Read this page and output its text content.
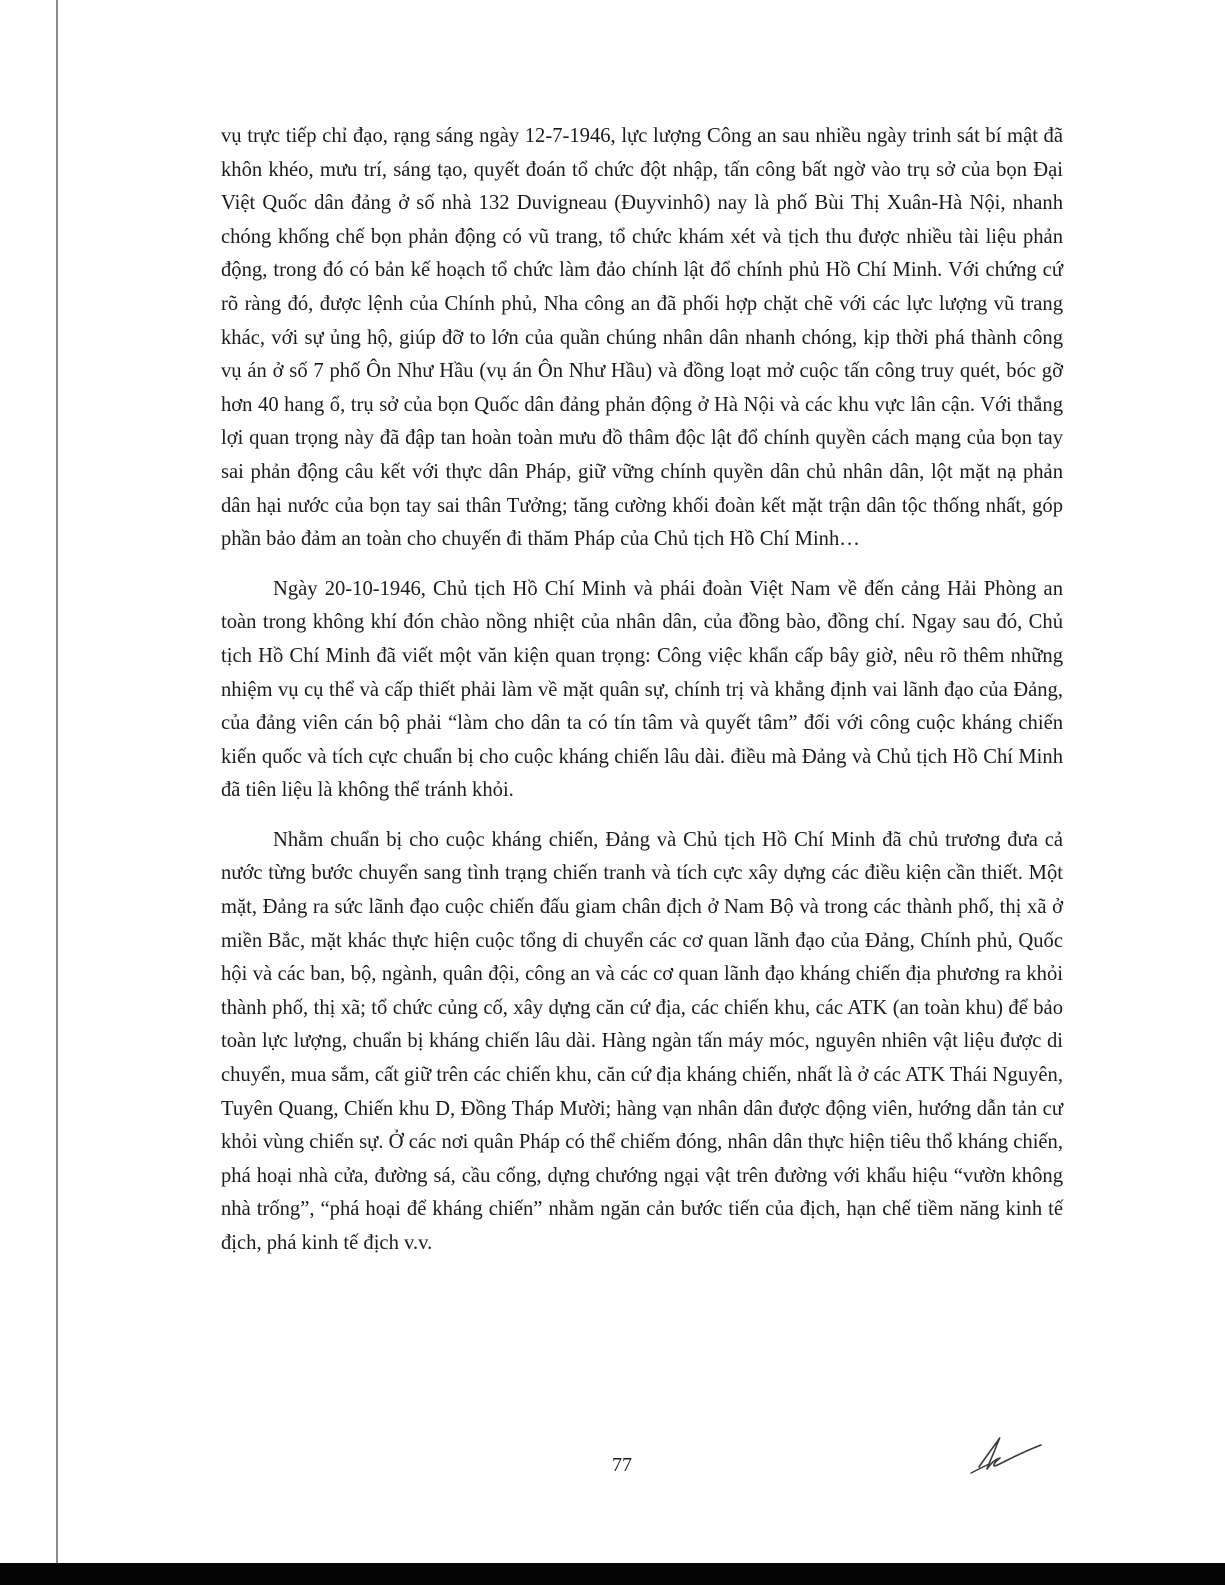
vụ trực tiếp chỉ đạo, rạng sáng ngày 12-7-1946, lực lượng Công an sau nhiều ngày trinh sát bí mật đã khôn khéo, mưu trí, sáng tạo, quyết đoán tổ chức đột nhập, tấn công bất ngờ vào trụ sở của bọn Đại Việt Quốc dân đảng ở số nhà 132 Duvigneau (Đuyvinhô) nay là phố Bùi Thị Xuân-Hà Nội, nhanh chóng khống chế bọn phản động có vũ trang, tổ chức khám xét và tịch thu được nhiều tài liệu phản động, trong đó có bản kế hoạch tổ chức làm đảo chính lật đổ chính phủ Hồ Chí Minh. Với chứng cứ rõ ràng đó, được lệnh của Chính phủ, Nha công an đã phối hợp chặt chẽ với các lực lượng vũ trang khác, với sự ủng hộ, giúp đỡ to lớn của quần chúng nhân dân nhanh chóng, kịp thời phá thành công vụ án ở số 7 phố Ôn Như Hầu (vụ án Ôn Như Hầu) và đồng loạt mở cuộc tấn công truy quét, bóc gỡ hơn 40 hang ổ, trụ sở của bọn Quốc dân đảng phản động ở Hà Nội và các khu vực lân cận. Với thắng lợi quan trọng này đã đập tan hoàn toàn mưu đồ thâm độc lật đổ chính quyền cách mạng của bọn tay sai phản động câu kết với thực dân Pháp, giữ vững chính quyền dân chủ nhân dân, lột mặt nạ phản dân hại nước của bọn tay sai thân Tưởng; tăng cường khối đoàn kết mặt trận dân tộc thống nhất, góp phần bảo đảm an toàn cho chuyến đi thăm Pháp của Chủ tịch Hồ Chí Minh…

Ngày 20-10-1946, Chủ tịch Hồ Chí Minh và phái đoàn Việt Nam về đến cảng Hải Phòng an toàn trong không khí đón chào nồng nhiệt của nhân dân, của đồng bào, đồng chí. Ngay sau đó, Chủ tịch Hồ Chí Minh đã viết một văn kiện quan trọng: Công việc khẩn cấp bây giờ, nêu rõ thêm những nhiệm vụ cụ thể và cấp thiết phải làm về mặt quân sự, chính trị và khẳng định vai lãnh đạo của Đảng, của đảng viên cán bộ phải “làm cho dân ta có tín tâm và quyết tâm” đối với công cuộc kháng chiến kiến quốc và tích cực chuẩn bị cho cuộc kháng chiến lâu dài. điều mà Đảng và Chủ tịch Hồ Chí Minh đã tiên liệu là không thể tránh khỏi.

Nhằm chuẩn bị cho cuộc kháng chiến, Đảng và Chủ tịch Hồ Chí Minh đã chủ trương đưa cả nước từng bước chuyển sang tình trạng chiến tranh và tích cực xây dựng các điều kiện cần thiết. Một mặt, Đảng ra sức lãnh đạo cuộc chiến đấu giam chân địch ở Nam Bộ và trong các thành phố, thị xã ở miền Bắc, mặt khác thực hiện cuộc tổng di chuyển các cơ quan lãnh đạo của Đảng, Chính phủ, Quốc hội và các ban, bộ, ngành, quân đội, công an và các cơ quan lãnh đạo kháng chiến địa phương ra khỏi thành phố, thị xã; tổ chức củng cố, xây dựng căn cứ địa, các chiến khu, các ATK (an toàn khu) để bảo toàn lực lượng, chuẩn bị kháng chiến lâu dài. Hàng ngàn tấn máy móc, nguyên nhiên vật liệu được di chuyển, mua sắm, cất giữ trên các chiến khu, căn cứ địa kháng chiến, nhất là ở các ATK Thái Nguyên, Tuyên Quang, Chiến khu D, Đồng Tháp Mười; hàng vạn nhân dân được động viên, hướng dẫn tản cư khỏi vùng chiến sự. Ở các nơi quân Pháp có thể chiếm đóng, nhân dân thực hiện tiêu thổ kháng chiến, phá hoại nhà cửa, đường sá, cầu cống, dựng chướng ngại vật trên đường với khẩu hiệu “vườn không nhà trống”, “phá hoại để kháng chiến” nhằm ngăn cản bước tiến của địch, hạn chế tiềm năng kinh tế địch, phá kinh tế địch v.v.

77
